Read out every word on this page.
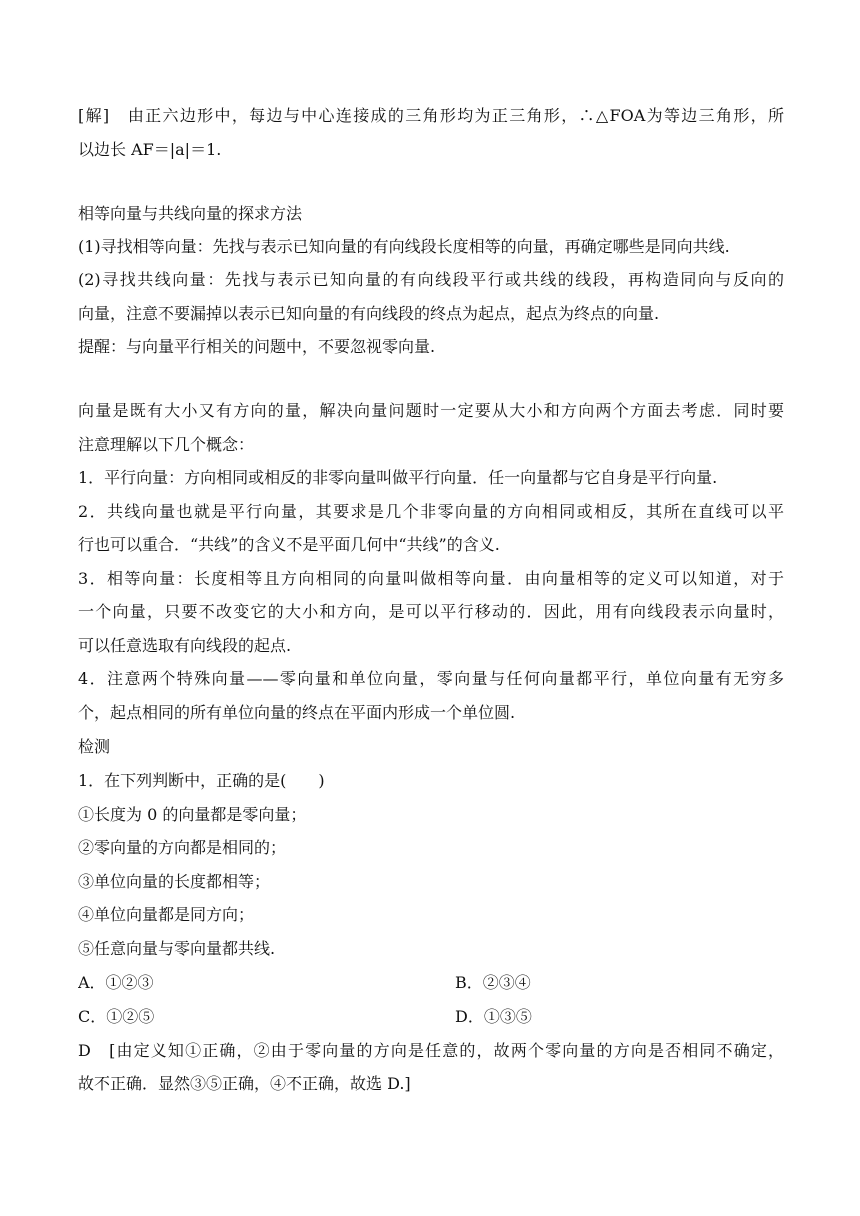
[解]　由正六边形中，每边与中心连接成的三角形均为正三角形，∴△FOA为等边三角形，所
以边长 AF＝|a|＝1.
相等向量与共线向量的探求方法
(1)寻找相等向量：先找与表示已知向量的有向线段长度相等的向量，再确定哪些是同向共线.
(2)寻找共线向量：先找与表示已知向量的有向线段平行或共线的线段，再构造同向与反向的
向量，注意不要漏掉以表示已知向量的有向线段的终点为起点，起点为终点的向量.
提醒：与向量平行相关的问题中，不要忽视零向量.
向量是既有大小又有方向的量，解决向量问题时一定要从大小和方向两个方面去考虑．同时要
注意理解以下几个概念：
1．平行向量：方向相同或相反的非零向量叫做平行向量．任一向量都与它自身是平行向量.
2．共线向量也就是平行向量，其要求是几个非零向量的方向相同或相反，其所在直线可以平
行也可以重合．“共线”的含义不是平面几何中“共线”的含义.
3．相等向量：长度相等且方向相同的向量叫做相等向量．由向量相等的定义可以知道，对于
一个向量，只要不改变它的大小和方向，是可以平行移动的．因此，用有向线段表示向量时，
可以任意选取有向线段的起点.
4．注意两个特殊向量——零向量和单位向量，零向量与任何向量都平行，单位向量有无穷多
个，起点相同的所有单位向量的终点在平面内形成一个单位圆.
检测
1．在下列判断中，正确的是(　　)
①长度为 0 的向量都是零向量；
②零向量的方向都是相同的；
③单位向量的长度都相等；
④单位向量都是同方向；
⑤任意向量与零向量都共线.
A．①②③	B．②③④
C．①②⑤	D．①③⑤
D　[由定义知①正确，②由于零向量的方向是任意的，故两个零向量的方向是否相同不确定，
故不正确．显然③⑤正确，④不正确，故选 D.]
